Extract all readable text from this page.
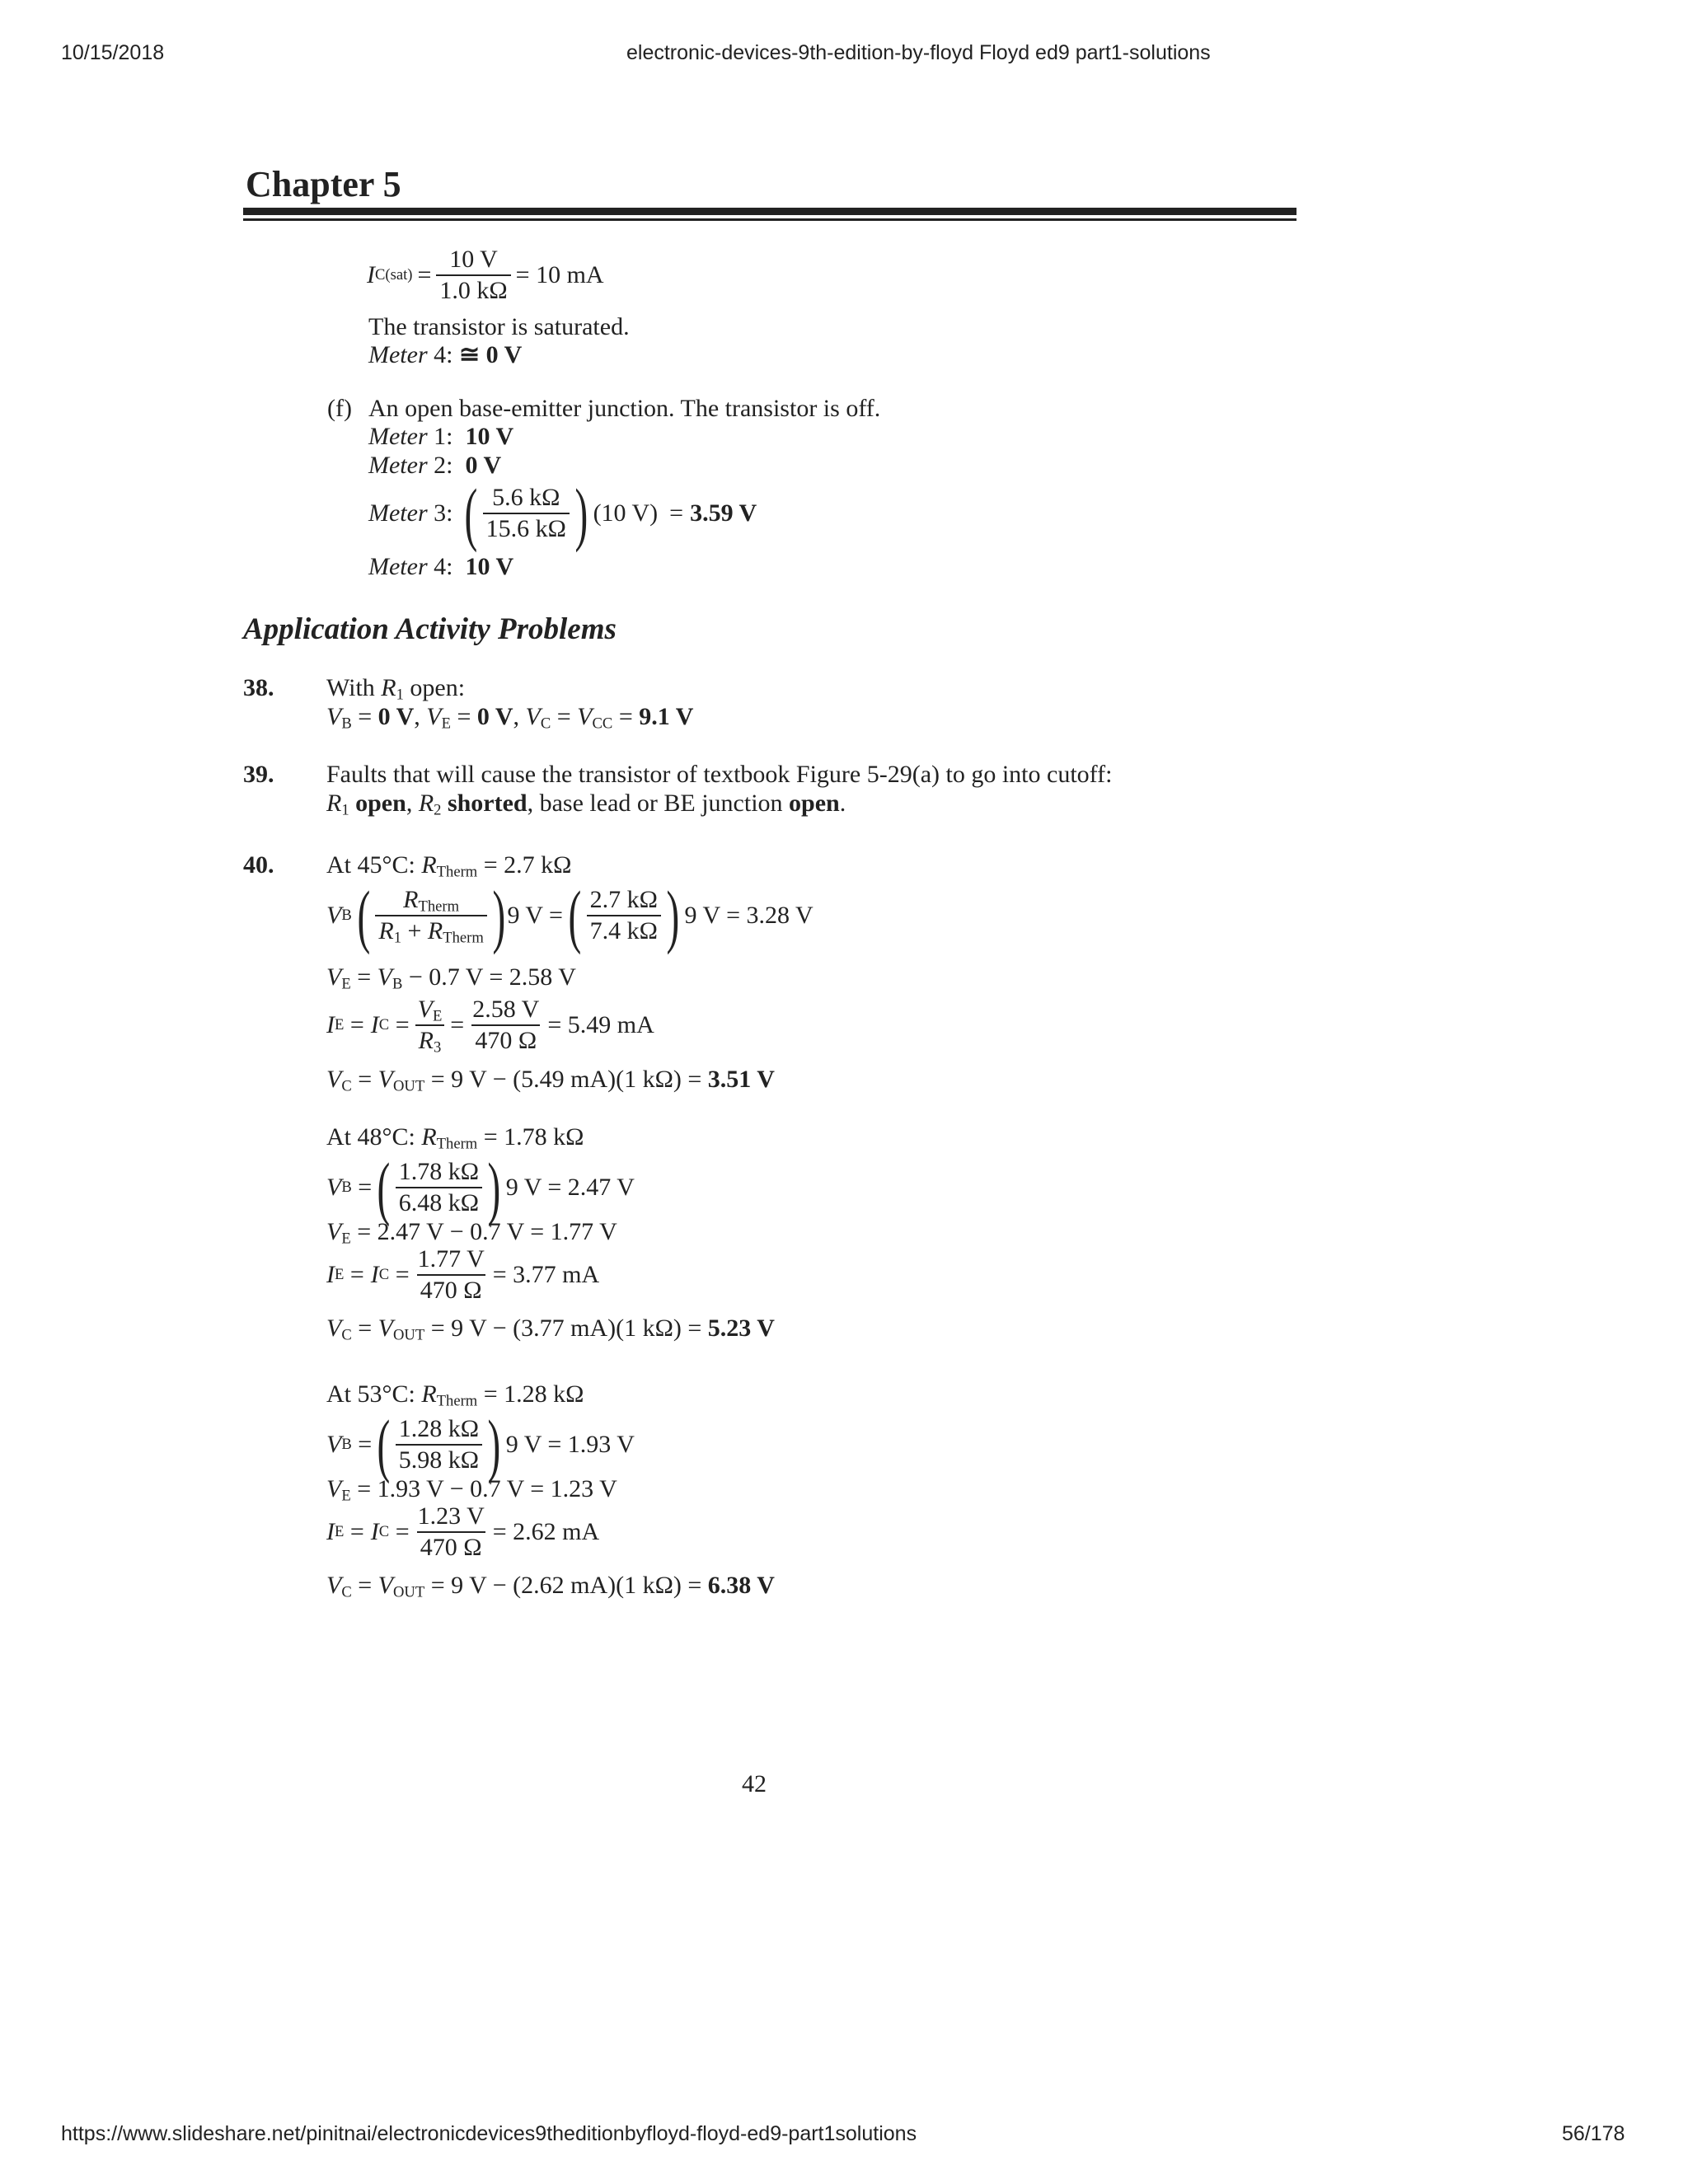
10/15/2018	electronic-devices-9th-edition-by-floyd Floyd ed9 part1-solutions
Chapter 5
I $C(sat) = \frac{10 V}{1.0 k\Omega} = 10$ mA
The transistor is saturated.
Meter 4: ≅ 0 V
(f) An open base-emitter junction. The transistor is off.
Meter 1: 10 V
Meter 2: 0 V
Meter
3:
( $\frac{5.6 k\Omega}{15.6 k\Omega}$ ) (10 V) = 3.59 V
Meter 4: 10 V
Application Activity Problems
38. With $R_1$ open:
$V_B = 0$ V, $V_E = 0$ V, $V_C = V_{CC} = 9.1$ V
39. Faults that will cause the transistor of textbook Figure 5-29(a) to go into cutoff:
$R_1$ open, $R_2$ shorted, base lead or BE junction open.
40. At 45°C: $R_{Therm} = 2.7$ kΩ
V B ( $\frac{R_{Therm}}{R_1 + R_{Therm}}$ ) 9 V = ( $\frac{2.7 k\Omega}{7.4 k\Omega}$ ) 9 V = 3.28 V
$V_E = V_B - 0.7$ V = 2.58 V
I E = I $C = \frac{V_E}{R_3} = \frac{2.58 V}{470 \Omega} = 5.49$ mA
$V_C = V_{OUT} = 9$ V − (5.49 mA)(1 kΩ) = 3.51 V
At 48°C: $R_{Therm} = 1.78$ kΩ
V B = ( $\frac{1.78 k\Omega}{6.48 k\Omega}$ ) 9 V = 2.47 V
$V_E = 2.47$ V − 0.7 V = 1.77 V
I E = I $C = \frac{1.77 V}{470 \Omega} = 3.77$ mA
$V_C = V_{OUT} = 9$ V − (3.77 mA)(1 kΩ) = 5.23 V
At 53°C: $R_{Therm} = 1.28$ kΩ
V B = ( $\frac{1.28 k\Omega}{5.98 k\Omega}$ ) 9 V = 1.93 V
$V_E = 1.93$ V − 0.7 V = 1.23 V
I E = I $C = \frac{1.23 V}{470 \Omega} = 2.62$ mA
$V_C = V_{OUT} = 9$ V − (2.62 mA)(1 kΩ) = 6.38 V
42
https://www.slideshare.net/pinitnai/electronicdevices9theditionbyfloyd-floyd-ed9-part1solutions	56/178
